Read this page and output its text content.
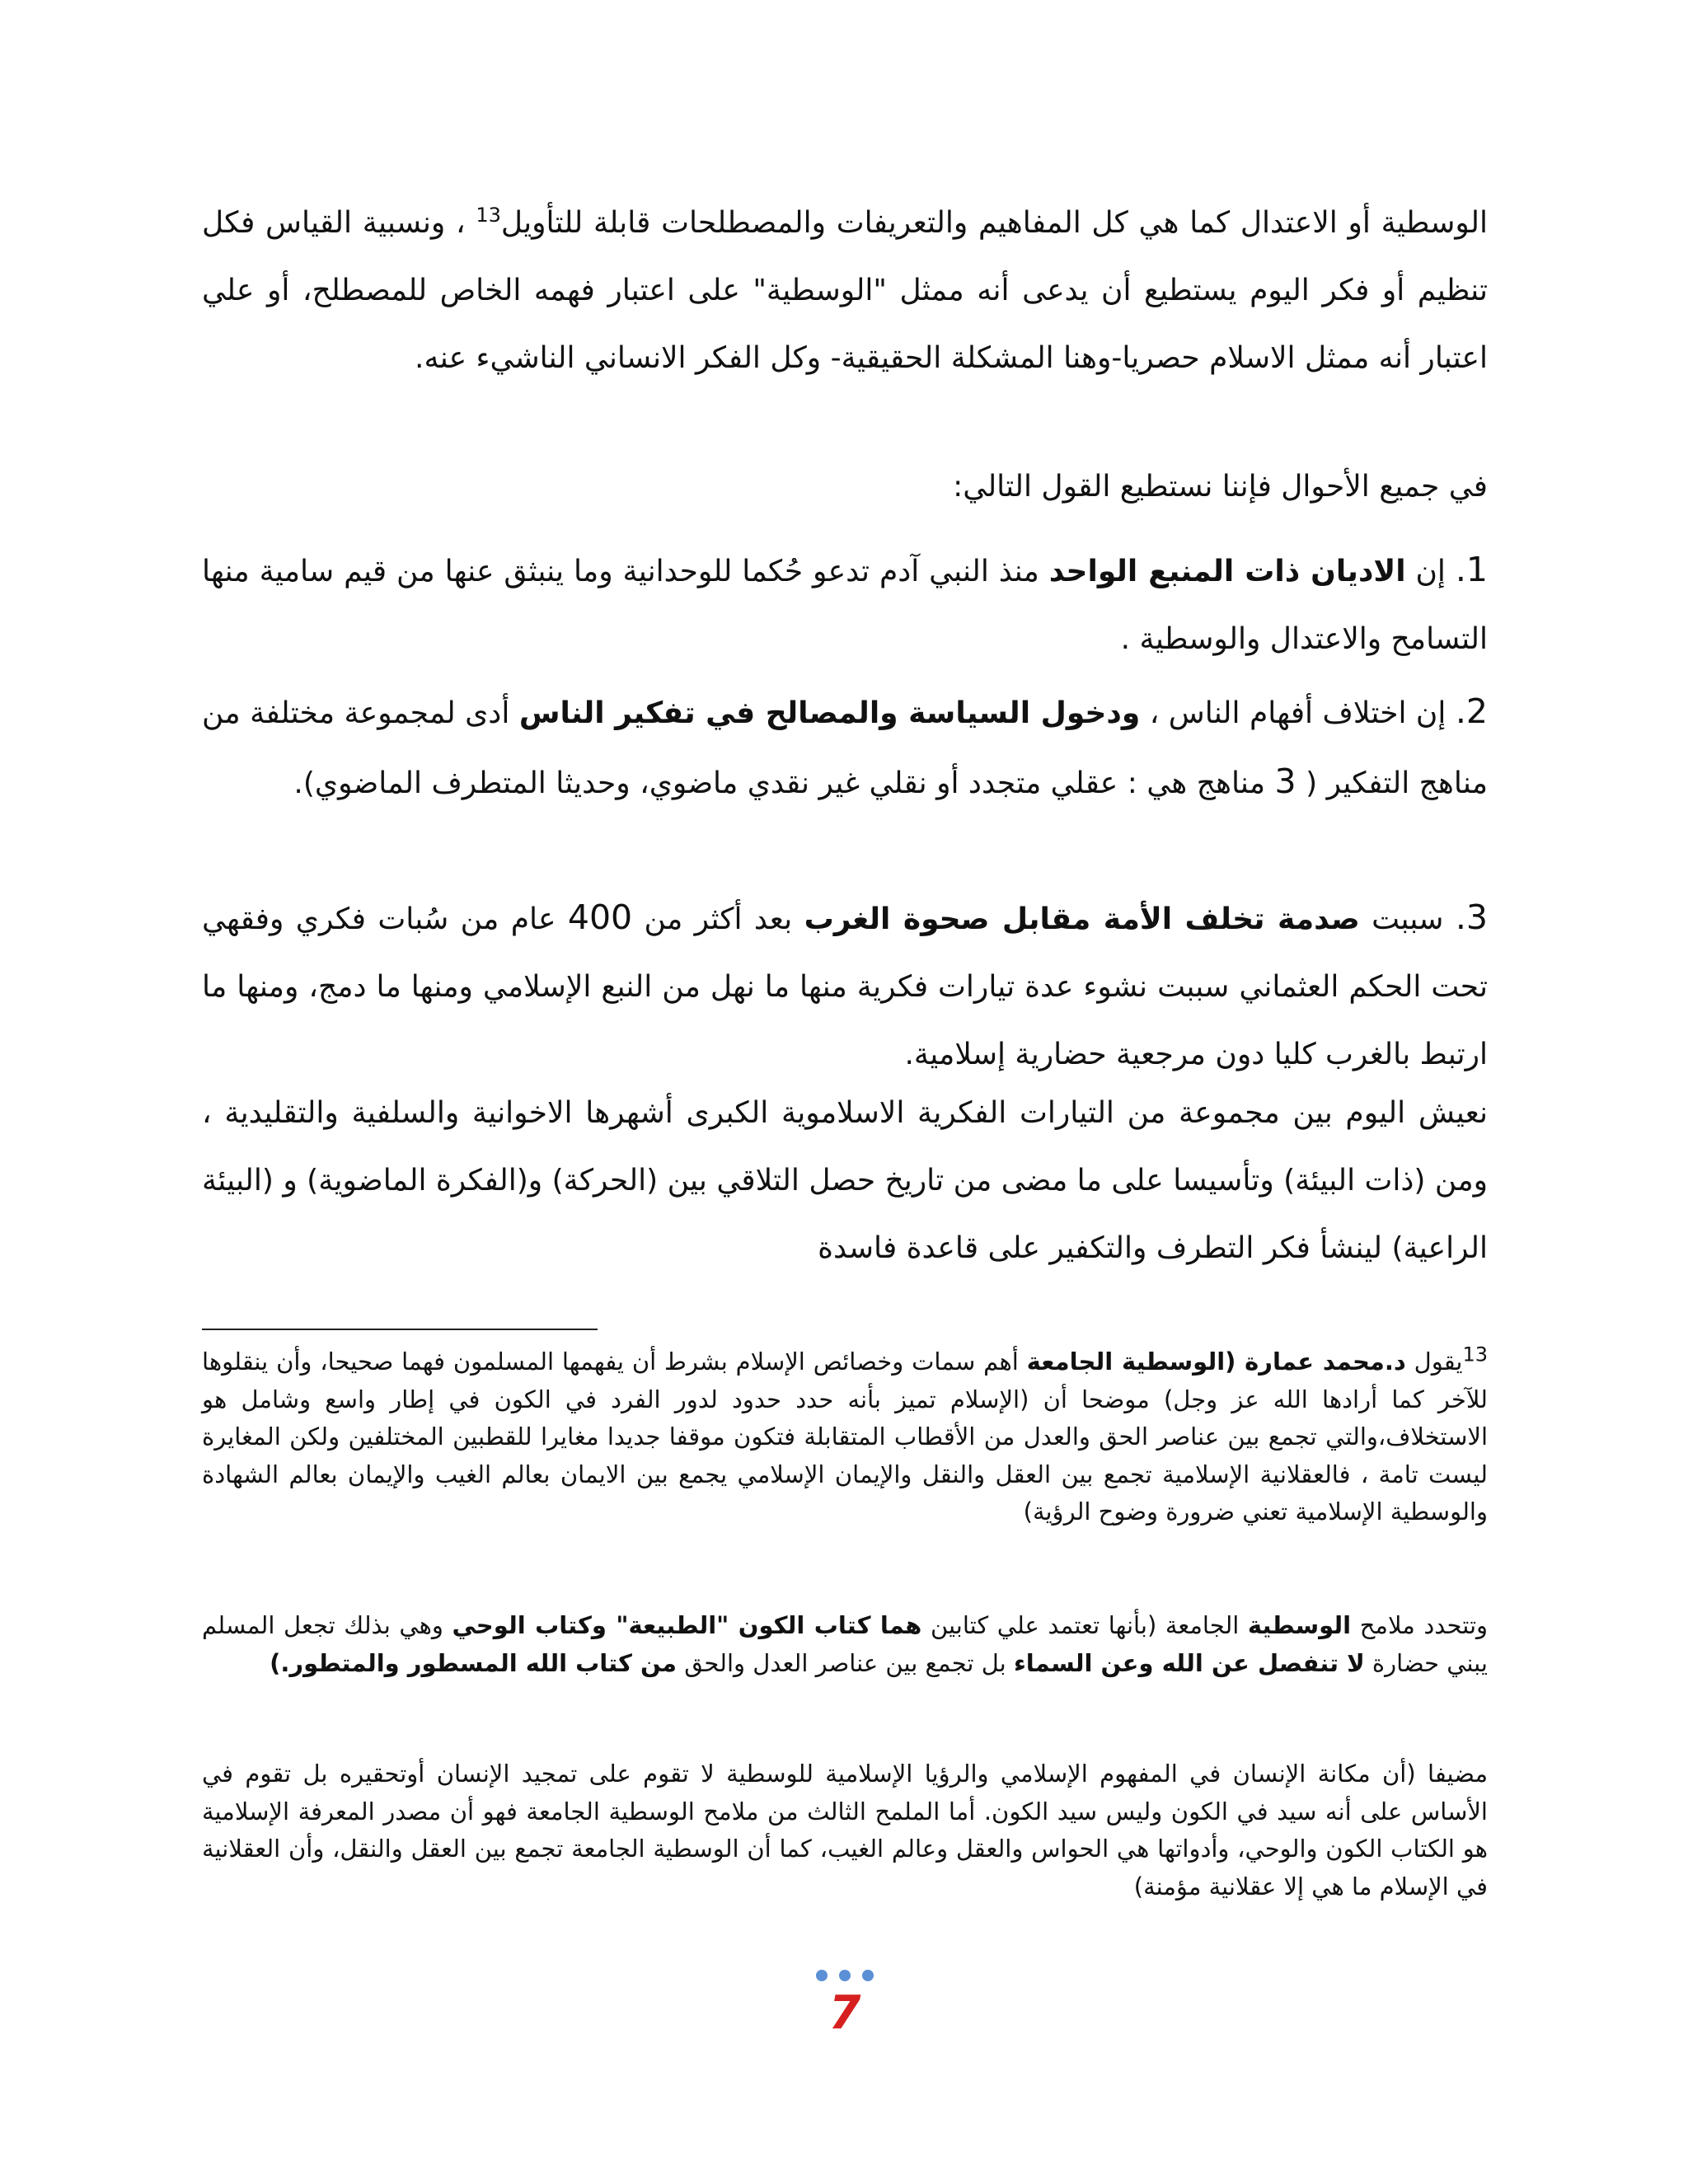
الوسطية أو الاعتدال كما هي كل المفاهيم والتعريفات والمصطلحات قابلة للتأويل$^{13}$ ، ونسبية القياس فكل تنظيم أو فكر اليوم يستطيع أن يدعى أنه ممثل "الوسطية" على اعتبار فهمه الخاص للمصطلح، أو علي اعتبار أنه ممثل الاسلام حصريا-وهنا المشكلة الحقيقية- وكل الفكر الانساني الناشيء عنه.

في جميع الأحوال فإننا نستطيع القول التالي:

1. إن الاديان ذات المنبع الواحد منذ النبي آدم تدعو حُكما للوحدانية وما ينبثق عنها من قيم سامية منها التسامح والاعتدال والوسطية .

2. إن اختلاف أفهام الناس ، ودخول السياسة والمصالح في تفكير الناس أدى لمجموعة مختلفة من مناهج التفكير ( 3 مناهج هي : عقلي متجدد أو نقلي غير نقدي ماضوي، وحديثا المتطرف الماضوي).

3. سببت صدمة تخلف الأمة مقابل صحوة الغرب بعد أكثر من 400 عام من سُبات فكري وفقهي تحت الحكم العثماني سببت نشوء عدة تيارات فكرية منها ما نهل من النبع الإسلامي ومنها ما دمج، ومنها ما ارتبط بالغرب كليا دون مرجعية حضارية إسلامية.

نعيش اليوم بين مجموعة من التيارات الفكرية الاسلاموية الكبرى أشهرها الاخوانية والسلفية والتقليدية ، ومن (ذات البيئة) وتأسيسا على ما مضى من تاريخ حصل التلاقي بين (الحركة) و(الفكرة الماضوية) و (البيئة الراعية) لينشأ فكر التطرف والتكفير على قاعدة فاسدة

$^{13}$يقول د.محمد عمارة (الوسطية الجامعة أهم سمات وخصائص الإسلام بشرط أن يفهمها المسلمون فهما صحيحا، وأن ينقلوها للآخر كما أرادها الله عز وجل) موضحا أن (الإسلام تميز بأنه حدد حدود لدور الفرد في الكون في إطار واسع وشامل هو الاستخلاف،والتي تجمع بين عناصر الحق والعدل من الأقطاب المتقابلة فتكون موقفا جديدا مغايرا للقطبين المختلفين ولكن المغايرة ليست تامة ، فالعقلانية الإسلامية تجمع بين العقل والنقل والإيمان الإسلامي يجمع بين الايمان بعالم الغيب والإيمان بعالم الشهادة والوسطية الإسلامية تعني ضرورة وضوح الرؤية)

وتتحدد ملامح الوسطية الجامعة (بأنها تعتمد علي كتابين هما كتاب الكون "الطبيعة" وكتاب الوحي وهي بذلك تجعل المسلم يبني حضارة لا تنفصل عن الله وعن السماء بل تجمع بين عناصر العدل والحق من كتاب الله المسطور والمتطور.)

مضيفا (أن مكانة الإنسان في المفهوم الإسلامي والرؤيا الإسلامية للوسطية لا تقوم على تمجيد الإنسان أوتحقيره بل تقوم في الأساس على أنه سيد في الكون وليس سيد الكون. أما الملمح الثالث من ملامح الوسطية الجامعة فهو أن مصدر المعرفة الإسلامية هو الكتاب الكون والوحي، وأدواتها هي الحواس والعقل وعالم الغيب، كما أن الوسطية الجامعة تجمع بين العقل والنقل، وأن العقلانية في الإسلام ما هي إلا عقلانية مؤمنة)

7
